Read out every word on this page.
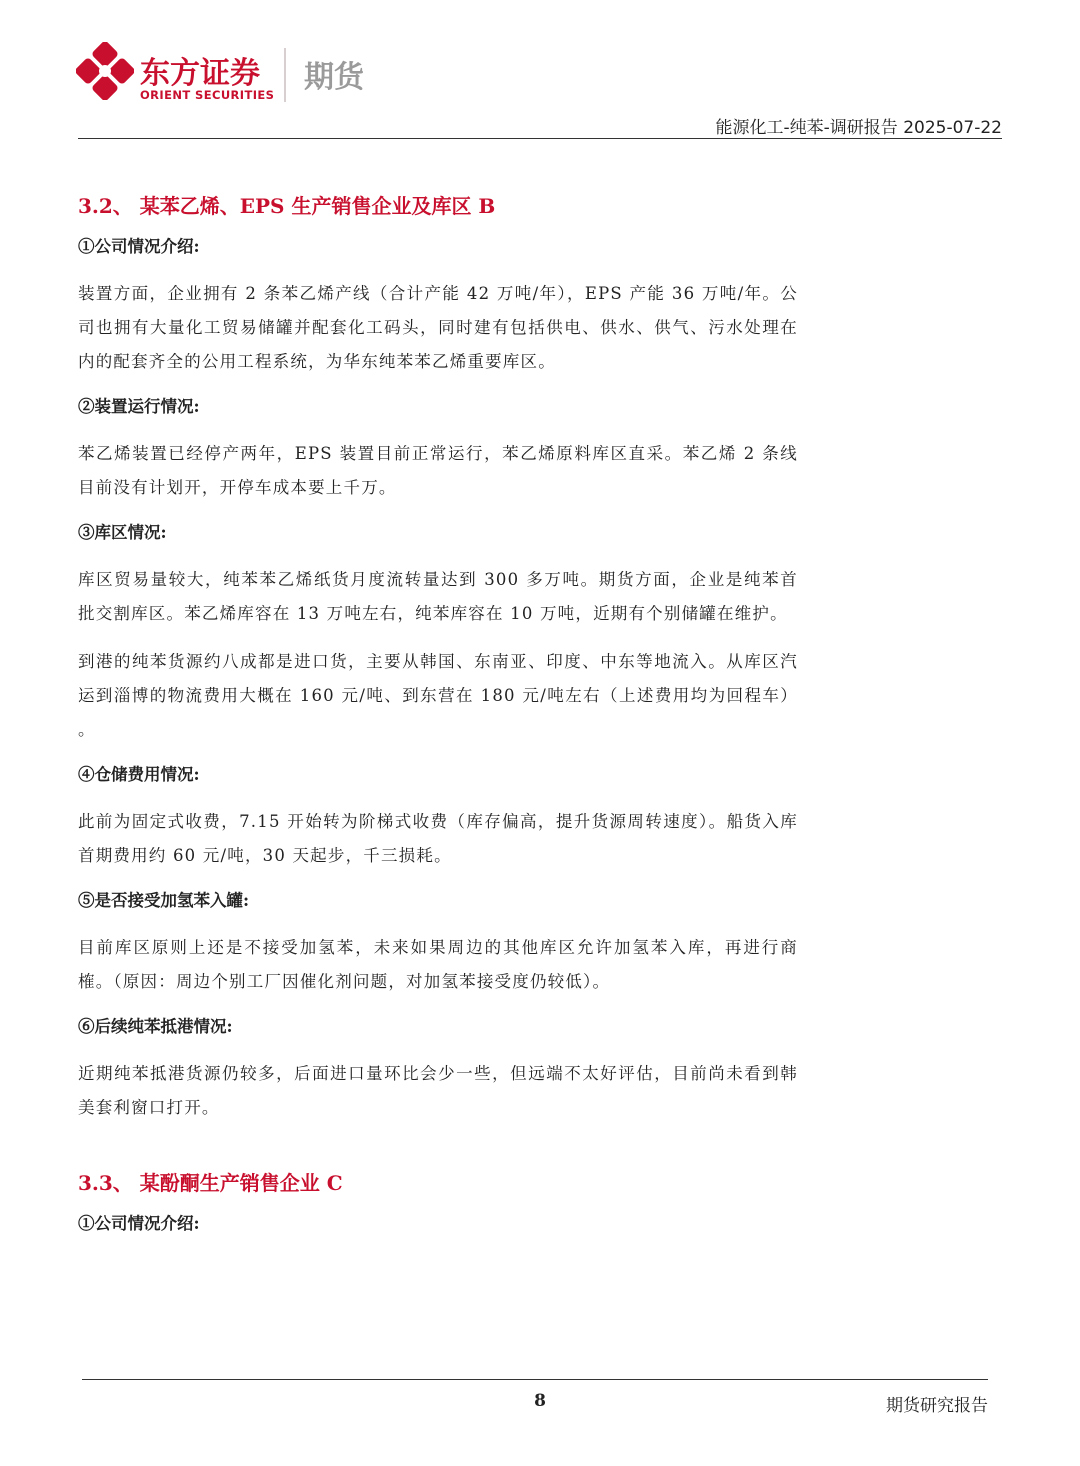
东方证券
ORIENT SECURITIES 期货
能源化工-纯苯-调研报告 2025-07-22
3.2、 某苯乙烯、EPS 生产销售企业及库区 B
①公司情况介绍:

装置方面，企业拥有 2 条苯乙烯产线（合计产能 42 万吨/年），EPS 产能 36 万吨/年。公司也拥有大量化工贸易储罐并配套化工码头，同时建有包括供电、供水、供气、污水处理在内的配套齐全的公用工程系统，为华东纯苯苯乙烯重要库区。

②装置运行情况:

苯乙烯装置已经停产两年，EPS 装置目前正常运行，苯乙烯原料库区直采。苯乙烯 2 条线目前没有计划开，开停车成本要上千万。

③库区情况:

库区贸易量较大，纯苯苯乙烯纸货月度流转量达到 300 多万吨。期货方面，企业是纯苯首批交割库区。苯乙烯库容在 13 万吨左右，纯苯库容在 10 万吨，近期有个别储罐在维护。

到港的纯苯货源约八成都是进口货，主要从韩国、东南亚、印度、中东等地流入。从库区汽运到淄博的物流费用大概在 160 元/吨、到东营在 180 元/吨左右（上述费用均为回程车） 。

④仓储费用情况:

此前为固定式收费，7.15 开始转为阶梯式收费（库存偏高，提升货源周转速度）。船货入库首期费用约 60 元/吨，30 天起步，千三损耗。

⑤是否接受加氢苯入罐:

目前库区原则上还是不接受加氢苯，未来如果周边的其他库区允许加氢苯入库，再进行商榷。（原因：周边个别工厂因催化剂问题，对加氢苯接受度仍较低）。

⑥后续纯苯抵港情况:

近期纯苯抵港货源仍较多，后面进口量环比会少一些，但远端不太好评估，目前尚未看到韩美套利窗口打开。

3.3、 某酚酮生产销售企业 C
①公司情况介绍:
8	期货研究报告
